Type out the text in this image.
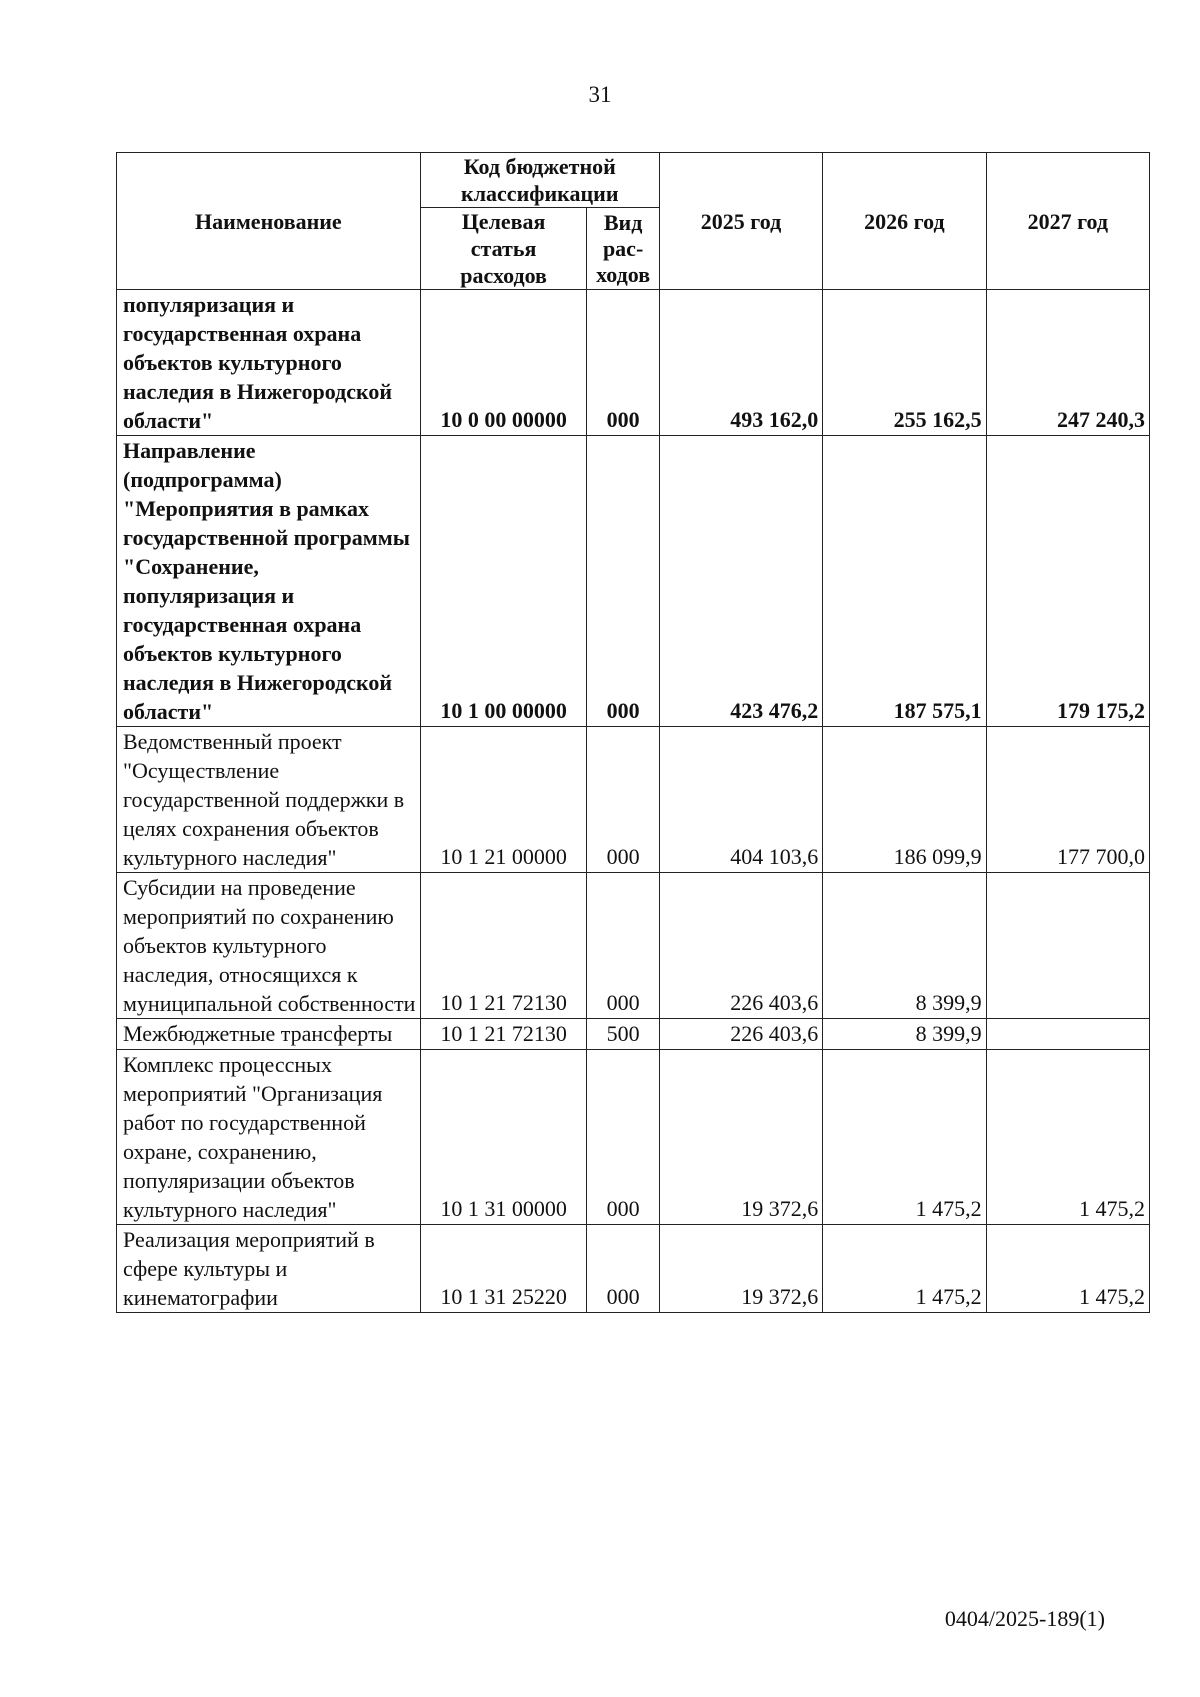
31
Наименование	Код бюджетной классификации		2025 год	2026 год	2027 год
	Целевая статья расходов	Вид рас-ходов			
популяризация и государственная охрана объектов культурного наследия в Нижегородской области"	10 0 00 00000	000	493 162,0	255 162,5	247 240,3
Направление (подпрограмма) "Мероприятия в рамках государственной программы "Сохранение, популяризация и государственная охрана объектов культурного наследия в Нижегородской области"	10 1 00 00000	000	423 476,2	187 575,1	179 175,2
Ведомственный проект "Осуществление государственной поддержки в целях сохранения объектов культурного наследия"	10 1 21 00000	000	404 103,6	186 099,9	177 700,0
Субсидии на проведение мероприятий по сохранению объектов культурного наследия, относящихся к муниципальной собственности	10 1 21 72130	000	226 403,6	8 399,9	
Межбюджетные трансферты	10 1 21 72130	500	226 403,6	8 399,9	
Комплекс процессных мероприятий "Организация работ по государственной охране, сохранению, популяризации объектов культурного наследия"	10 1 31 00000	000	19 372,6	1 475,2	1 475,2
Реализация мероприятий в сфере культуры и кинематографии	10 1 31 25220	000	19 372,6	1 475,2	1 475,2
0404/2025-189(1)
